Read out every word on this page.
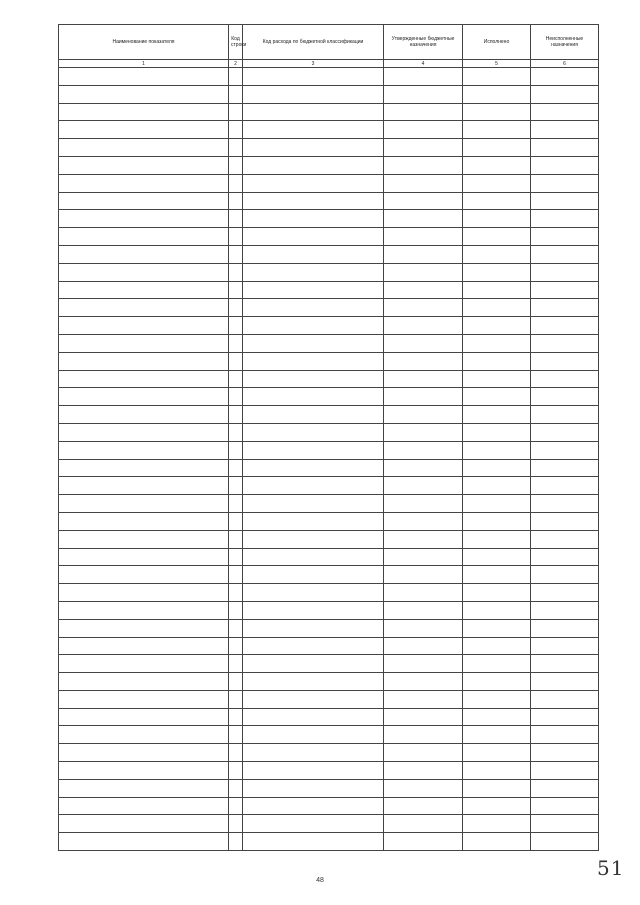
Наименование показателя	Код строки	Код расхода по бюджетной классификации	Утвержденные бюджетные назначения	Исполнено	Неисполненные назначения
1	2	3	4	5	6

48
51
